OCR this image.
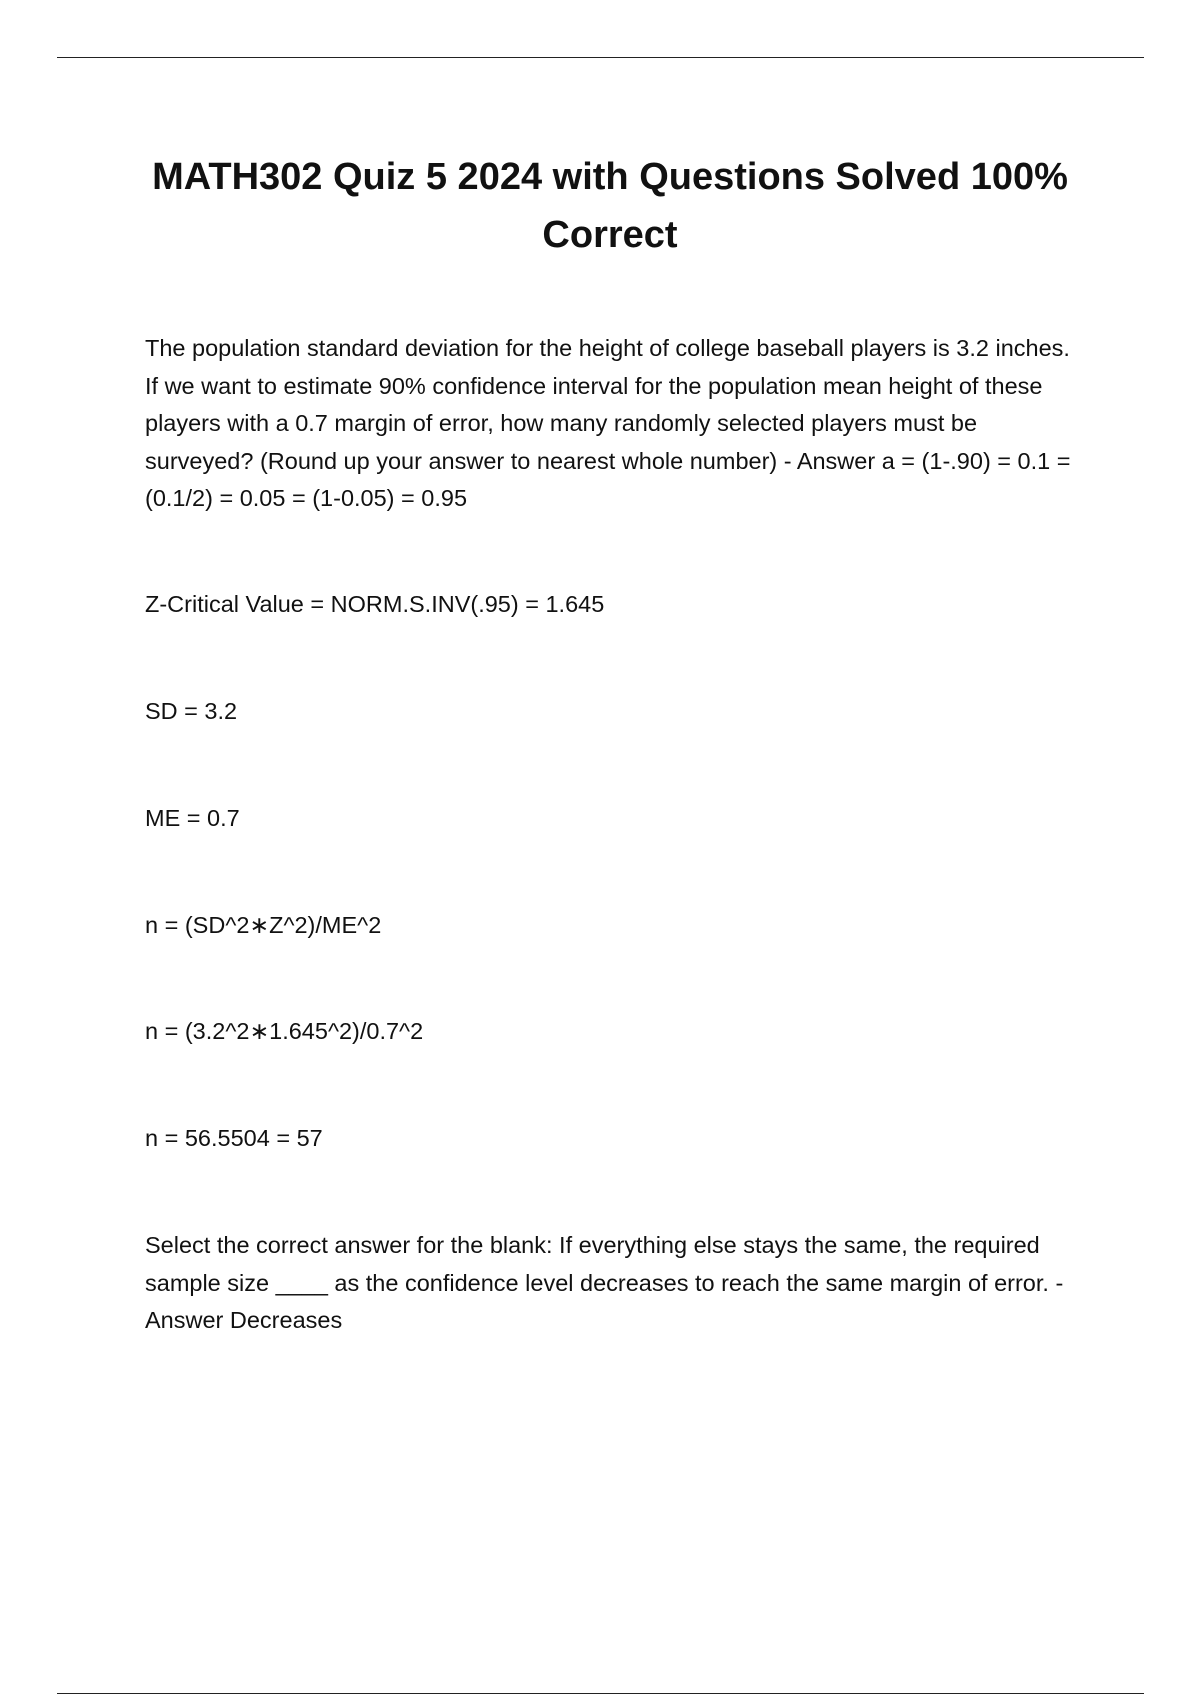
MATH302 Quiz 5 2024 with Questions Solved 100% Correct

The population standard deviation for the height of college baseball players is 3.2 inches. If we want to estimate 90% confidence interval for the population mean height of these players with a 0.7 margin of error, how many randomly selected players must be surveyed? (Round up your answer to nearest whole number) - Answer a = (1-.90) = 0.1 = (0.1/2) = 0.05 = (1-0.05) = 0.95

Z-Critical Value = NORM.S.INV(.95) = 1.645

SD = 3.2

ME = 0.7

n = (SD^2∗Z^2)/ME^2

n = (3.2^2∗1.645^2)/0.7^2

n = 56.5504 = 57

Select the correct answer for the blank: If everything else stays the same, the required sample size ____ as the confidence level decreases to reach the same margin of error. - Answer Decreases
